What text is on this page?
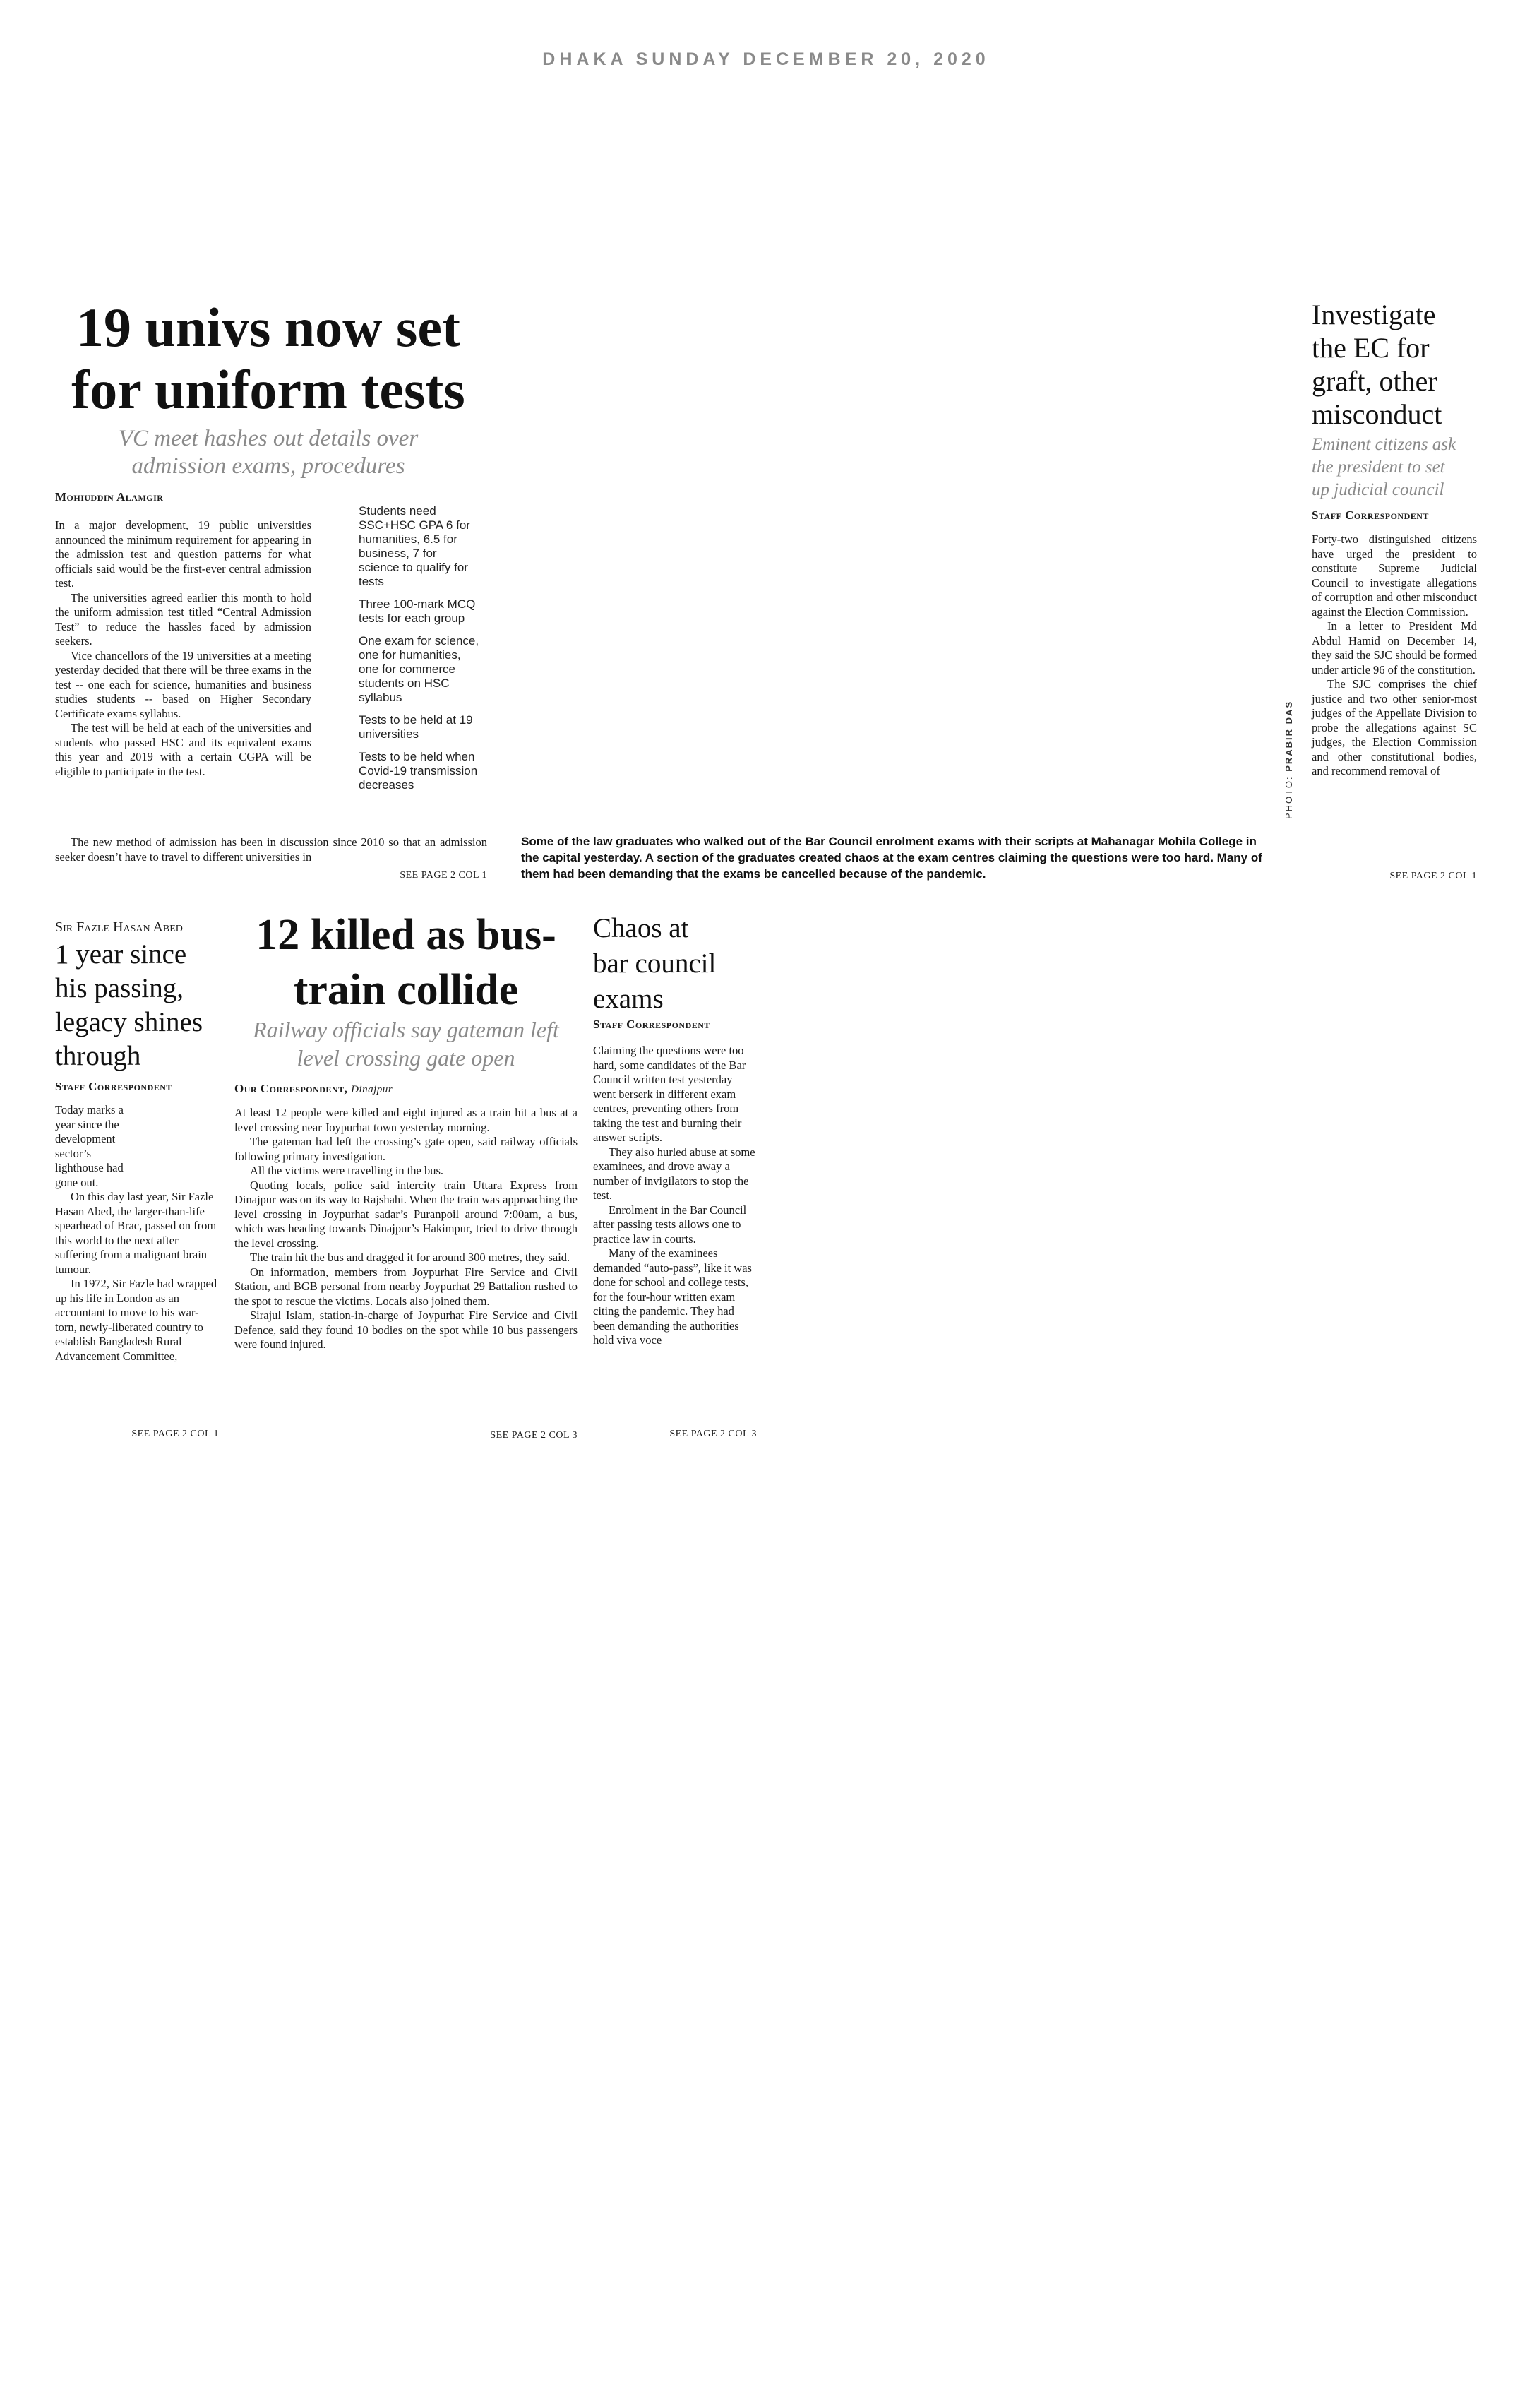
DHAKA SUNDAY DECEMBER 20, 2020
19 univs now set
for uniform tests
VC meet hashes out details over
admission exams, procedures
Mohiuddin Alamgir

In a major development, 19 public universities announced the minimum requirement for appearing in the admission test and question patterns for what officials said would be the first-ever central admission test.

The universities agreed earlier this month to hold the uniform admission test titled “Central Admission Test” to reduce the hassles faced by admission seekers.

Vice chancellors of the 19 universities at a meeting yesterday decided that there will be three exams in the test -- one each for science, humanities and business studies students -- based on Higher Secondary Certificate exams syllabus.

The test will be held at each of the universities and students who passed HSC and its equivalent exams this year and 2019 with a certain CGPA will be eligible to participate in the test.

The new method of admission has been in discussion since 2010 so that an admission seeker doesn’t have to travel to different universities in

SEE PAGE 2 COL 1
Students need SSC+HSC GPA 6 for humanities, 6.5 for business, 7 for science to qualify for tests
Three 100-mark MCQ tests for each group
One exam for science, one for humanities, one for commerce students on HSC syllabus
Tests to be held at 19 universities
Tests to be held when Covid-19 transmission decreases
Some of the law graduates who walked out of the Bar Council enrolment exams with their scripts at Mahanagar Mohila College in the capital yesterday. A section of the graduates created chaos at the exam centres claiming the questions were too hard. Many of them had been demanding that the exams be cancelled because of the pandemic.
PHOTO: PRABIR DAS
Investigate
the EC for
graft, other
misconduct
Eminent citizens ask
the president to set
up judicial council
Staff Correspondent

Forty-two distinguished citizens have urged the president to constitute Supreme Judicial Council to investigate allegations of corruption and other misconduct against the Election Commission.

In a letter to President Md Abdul Hamid on December 14, they said the SJC should be formed under article 96 of the constitution.

The SJC comprises the chief justice and two other senior-most judges of the Appellate Division to probe the allegations against SC judges, the Election Commission and other constitutional bodies, and recommend removal of

SEE PAGE 2 COL 1
Sir Fazle Hasan Abed
1 year since
his passing,
legacy shines
through
Staff Correspondent

Today marks a year since the development sector’s lighthouse had gone out.

On this day last year, Sir Fazle Hasan Abed, the larger-than-life spearhead of Brac, passed on from this world to the next after suffering from a malignant brain tumour.

In 1972, Sir Fazle had wrapped up his life in London as an accountant to move to his war-torn, newly-liberated country to establish Bangladesh Rural Advancement Committee,

SEE PAGE 2 COL 1
12 killed as bus-
train collide
Railway officials say gateman left
level crossing gate open
Our Correspondent, Dinajpur

At least 12 people were killed and eight injured as a train hit a bus at a level crossing near Joypurhat town yesterday morning.

The gateman had left the crossing’s gate open, said railway officials following primary investigation.

All the victims were travelling in the bus.

Quoting locals, police said intercity train Uttara Express from Dinajpur was on its way to Rajshahi. When the train was approaching the level crossing in Joypurhat sadar’s Puranpoil around 7:00am, a bus, which was heading towards Dinajpur’s Hakimpur, tried to drive through the level crossing.

The train hit the bus and dragged it for around 300 metres, they said.

On information, members from Joypurhat Fire Service and Civil Station, and BGB personal from nearby Joypurhat 29 Battalion rushed to the spot to rescue the victims. Locals also joined them.

Sirajul Islam, station-in-charge of Joypurhat Fire Service and Civil Defence, said they found 10 bodies on the spot while 10 bus passengers were found injured.

SEE PAGE 2 COL 3
Chaos at
bar council
exams
Staff Correspondent

Claiming the questions were too hard, some candidates of the Bar Council written test yesterday went berserk in different exam centres, preventing others from taking the test and burning their answer scripts.

They also hurled abuse at some examinees, and drove away a number of invigilators to stop the test.

Enrolment in the Bar Council after passing tests allows one to practice law in courts.

Many of the examinees demanded “auto-pass”, like it was done for school and college tests, for the four-hour written exam citing the pandemic. They had been demanding the authorities hold viva voce

SEE PAGE 2 COL 3
